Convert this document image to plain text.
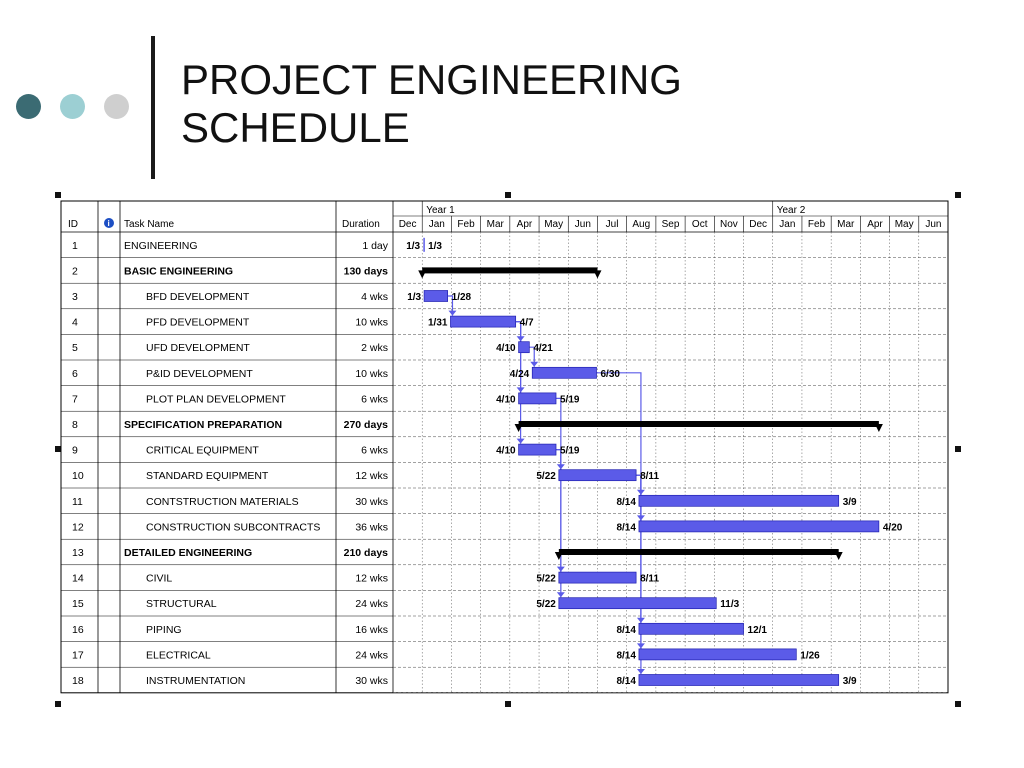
PROJECT ENGINEERING
SCHEDULE
ID	i Task Name	Duration
Year 1	Year 2
Dec Jan Feb Mar Apr May Jun Jul Aug Sep Oct Nov Dec Jan Feb Mar Apr May Jun
1	ENGINEERING	1 day
2	BASIC ENGINEERING	130 days
3	BFD DEVELOPMENT	4 wks
4	PFD DEVELOPMENT	10 wks
5	UFD DEVELOPMENT	2 wks
6	P&ID DEVELOPMENT	10 wks
7	PLOT PLAN DEVELOPMENT	6 wks
8	SPECIFICATION PREPARATION	270 days
9	CRITICAL EQUIPMENT	6 wks
10	STANDARD EQUIPMENT	12 wks
11	CONTSTRUCTION MATERIALS	30 wks
12	CONSTRUCTION SUBCONTRACTS	36 wks
13	DETAILED ENGINEERING	210 days
14	CIVIL	12 wks
15	STRUCTURAL	24 wks
16	PIPING	16 wks
17	ELECTRICAL	24 wks
18	INSTRUMENTATION	30 wks
1/3 1/3
1/3	1/28
1/31	4/7
4/10 4/21
4/24	6/30
4/10	5/19
4/10	5/19
5/22	8/11
8/14	3/9
8/14	4/20
5/22	8/11
5/22	11/3
8/14	12/1
8/14	1/26
8/14	3/9
